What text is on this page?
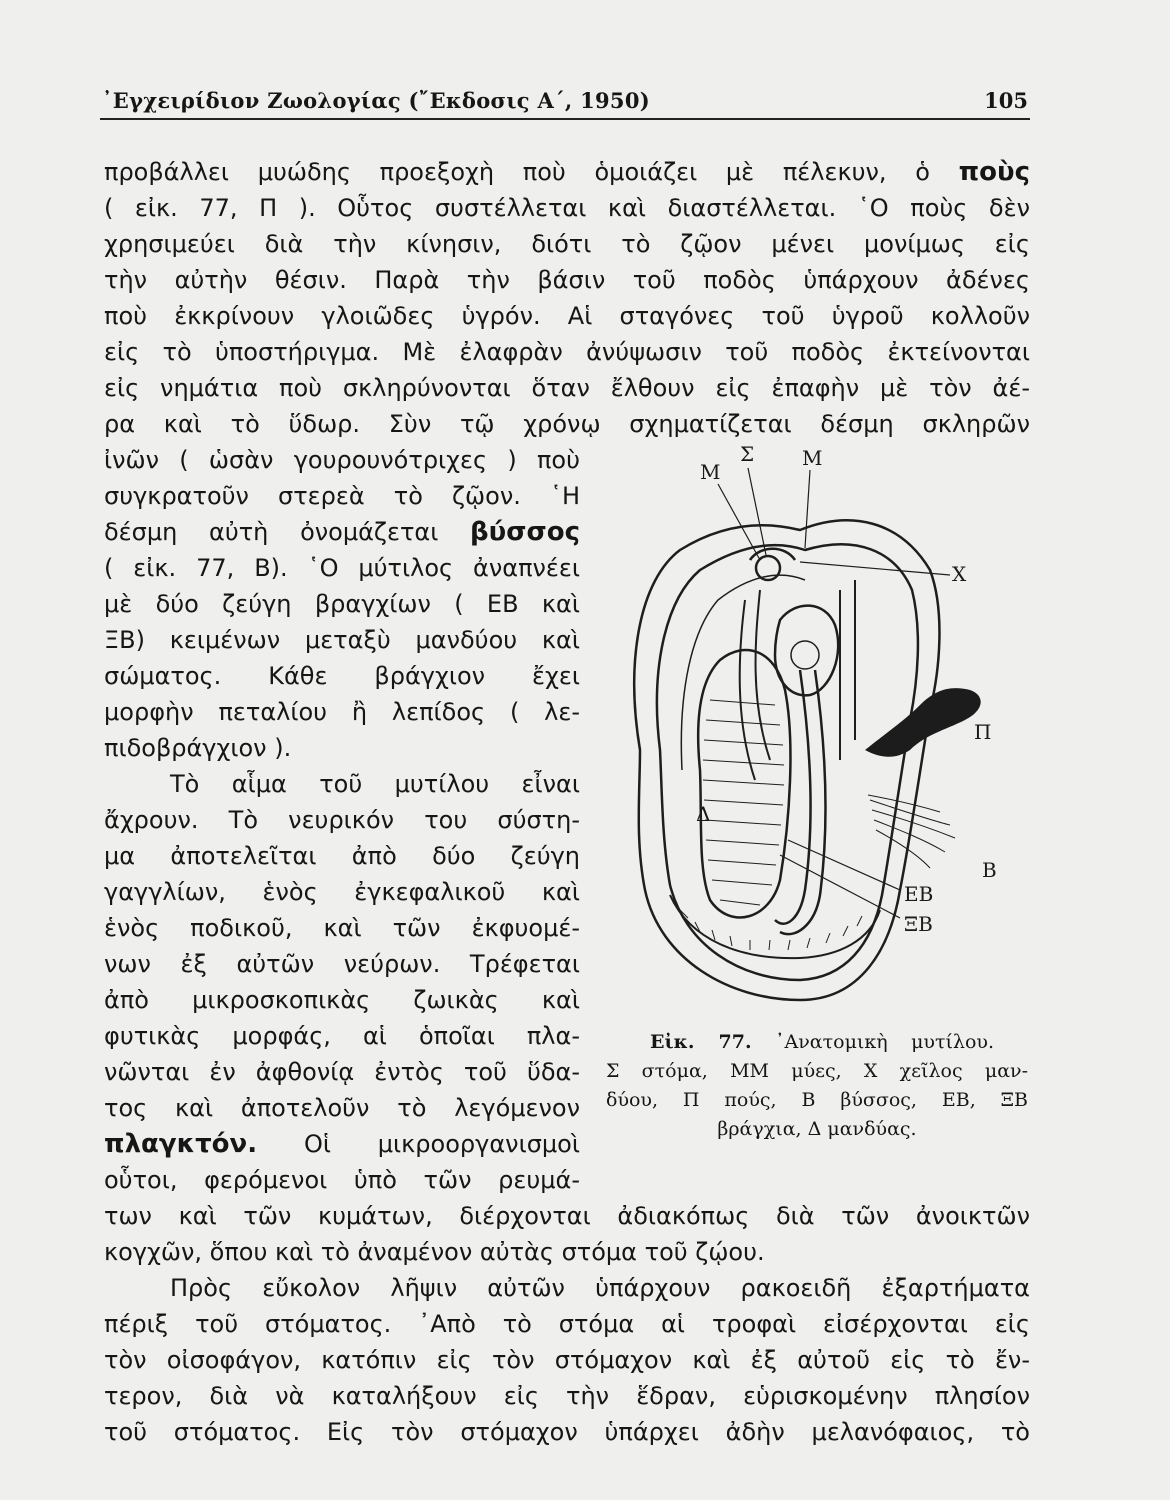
᾿Εγχειρίδιον Ζωολογίας (῎Εκδοσις Α΄, 1950)	105
προβάλλει μυώδης προεξοχὴ ποὺ ὁμοιάζει μὲ πέλεκυν, ὁ ποὺς
( εἰκ. 77, Π ). Οὗτος συστέλλεται καὶ διαστέλλεται. ῾Ο ποὺς δὲν
χρησιμεύει διὰ τὴν κίνησιν, διότι τὸ ζῷον μένει μονίμως εἰς
τὴν αὐτὴν θέσιν. Παρὰ τὴν βάσιν τοῦ ποδὸς ὑπάρχουν ἀδένες
ποὺ ἐκκρίνουν γλοιῶδες ὑγρόν. Αἱ σταγόνες τοῦ ὑγροῦ κολλοῦν
εἰς τὸ ὑποστήριγμα. Μὲ ἐλαφρὰν ἀνύψωσιν τοῦ ποδὸς ἐκτείνονται
εἰς νημάτια ποὺ σκληρύνονται ὅταν ἔλθουν εἰς ἐπαφὴν μὲ τὸν ἀέ-
ρα καὶ τὸ ὕδωρ. Σὺν τῷ χρόνῳ σχηματίζεται δέσμη σκληρῶν
ἰνῶν ( ὡσὰν γουρουνότριχες ) ποὺ
συγκρατοῦν στερεὰ τὸ ζῷον. ῾Η
δέσμη αὐτὴ ὀνομάζεται βύσσος
( εἰκ. 77, Β). ῾Ο μύτιλος ἀναπνέει
μὲ δύο ζεύγη βραγχίων ( ΕΒ καὶ
ΞΒ) κειμένων μεταξὺ μανδύου καὶ
σώματος. Κάθε βράγχιον ἔχει
μορφὴν πεταλίου ἢ λεπίδος ( λε-
πιδοβράγχιον ).
Τὸ αἷμα τοῦ μυτίλου εἶναι
ἄχρουν. Τὸ νευρικόν του σύστη-
μα ἀποτελεῖται ἀπὸ δύο ζεύγη
γαγγλίων, ἑνὸς ἐγκεφαλικοῦ καὶ
ἑνὸς ποδικοῦ, καὶ τῶν ἐκφυομέ-
νων ἐξ αὐτῶν νεύρων. Τρέφεται
ἀπὸ μικροσκοπικὰς ζωικὰς καὶ
φυτικὰς μορφάς, αἱ ὁποῖαι πλα-
νῶνται ἐν ἀφθονίᾳ ἐντὸς τοῦ ὕδα-
τος καὶ ἀποτελοῦν τὸ λεγόμενον
πλαγκτόν. Οἱ μικροοργανισμοὶ
οὗτοι, φερόμενοι ὑπὸ τῶν ρευμά-
των καὶ τῶν κυμάτων, διέρχονται ἀδιακόπως διὰ τῶν ἀνοικτῶν
κογχῶν, ὅπου καὶ τὸ ἀναμένον αὐτὰς στόμα τοῦ ζῴου.
Πρὸς εὔκολον λῆψιν αὐτῶν ὑπάρχουν ρακοειδῆ ἐξαρτήματα
πέριξ τοῦ στόματος. ᾿Απὸ τὸ στόμα αἱ τροφαὶ εἰσέρχονται εἰς
τὸν οἰσοφάγον, κατόπιν εἰς τὸν στόμαχον καὶ ἐξ αὐτοῦ εἰς τὸ ἔν-
τερον, διὰ νὰ καταλήξουν εἰς τὴν ἕδραν, εὑρισκομένην πλησίον
τοῦ στόματος. Εἰς τὸν στόμαχον ὑπάρχει ἀδὴν μελανόφαιος, τὸ
Μ
Σ Μ
Χ
Π
Δ
Β
ΕΒ
ΞΒ
Εἰκ. 77. ᾿Ανατομικὴ μυτίλου.
Σ στόμα, ΜΜ μύες, Χ χεῖλος μαν-
δύου, Π πούς, Β βύσσος, ΕΒ, ΞΒ
βράγχια, Δ μανδύας.
